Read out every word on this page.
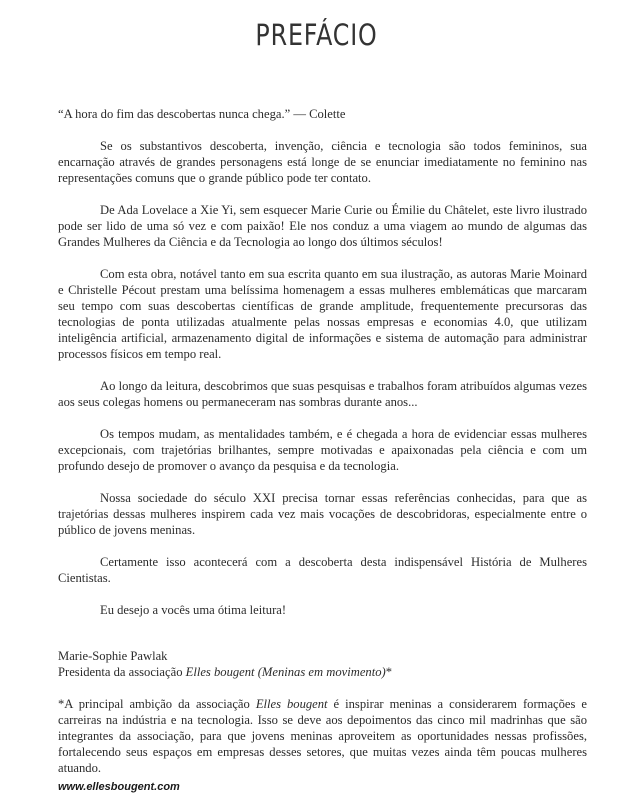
PREFÁCIO

“A hora do fim das descobertas nunca chega.” — Colette

Se os substantivos descoberta, invenção, ciência e tecnologia são todos femininos, sua encarnação através de grandes personagens está longe de se enunciar imediatamente no feminino nas representações comuns que o grande público pode ter contato.

De Ada Lovelace a Xie Yi, sem esquecer Marie Curie ou Émilie du Châtelet, este livro ilustrado pode ser lido de uma só vez e com paixão! Ele nos conduz a uma viagem ao mundo de algumas das Grandes Mulheres da Ciência e da Tecnologia ao longo dos últimos séculos!

Com esta obra, notável tanto em sua escrita quanto em sua ilustração, as autoras Marie Moinard e Christelle Pécout prestam uma belíssima homenagem a essas mulheres emblemáticas que marcaram seu tempo com suas descobertas científicas de grande amplitude, frequentemente precursoras das tecnologias de ponta utilizadas atualmente pelas nossas empresas e economias 4.0, que utilizam inteligência artificial, armazenamento digital de informações e sistema de automação para administrar processos físicos em tempo real.

Ao longo da leitura, descobrimos que suas pesquisas e trabalhos foram atribuídos algumas vezes aos seus colegas homens ou permaneceram nas sombras durante anos...

Os tempos mudam, as mentalidades também, e é chegada a hora de evidenciar essas mulheres excepcionais, com trajetórias brilhantes, sempre motivadas e apaixonadas pela ciência e com um profundo desejo de promover o avanço da pesquisa e da tecnologia.

Nossa sociedade do século XXI precisa tornar essas referências conhecidas, para que as trajetórias dessas mulheres inspirem cada vez mais vocações de descobridoras, especialmente entre o público de jovens meninas.

Certamente isso acontecerá com a descoberta desta indispensável História de Mulheres Cientistas.

Eu desejo a vocês uma ótima leitura!

Marie-Sophie Pawlak
Presidenta da associação Elles bougent (Meninas em movimento)*

*A principal ambição da associação Elles bougent é inspirar meninas a considerarem formações e carreiras na indústria e na tecnologia. Isso se deve aos depoimentos das cinco mil madrinhas que são integrantes da associação, para que jovens meninas aproveitem as oportunidades nessas profissões, fortalecendo seus espaços em empresas desses setores, que muitas vezes ainda têm poucas mulheres atuando.

www.ellesbougent.com
